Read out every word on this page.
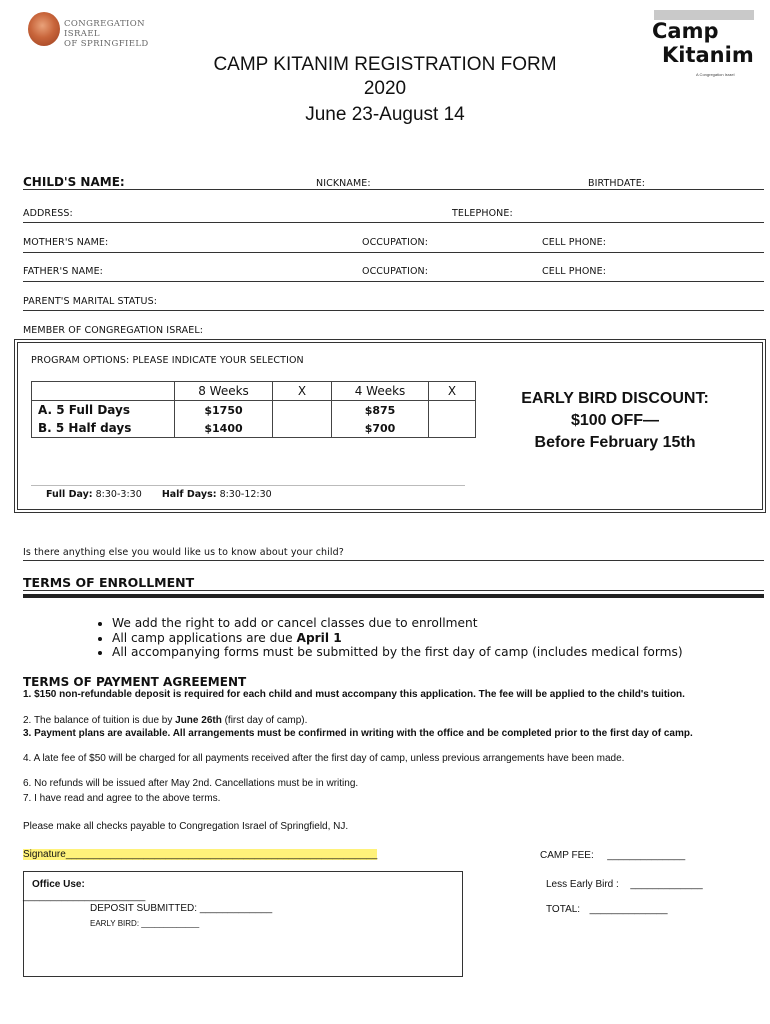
CONGREGATION ISRAEL
OF SPRINGFIELD
Camp
Kitanim
A Congregation Israel
CAMP KITANIM REGISTRATION FORM
2020
June 23-August 14
CHILD'S NAME:	NICKNAME:	BIRTHDATE:
ADDRESS:	TELEPHONE:
MOTHER'S NAME:	OCCUPATION:	CELL PHONE:
FATHER'S NAME:	OCCUPATION:	CELL PHONE:
PARENT'S MARITAL STATUS:
MEMBER OF CONGREGATION ISRAEL:
PROGRAM OPTIONS: PLEASE INDICATE YOUR SELECTION
	8 Weeks	X	4 Weeks	X
A. 5 Full Days	$1750		$875	
B. 5 Half days	$1400		$700	
EARLY BIRD DISCOUNT:
$100 OFF—
Before February 15th
Full Day: 8:30-3:30 Half Days: 8:30-12:30
Is there anything else you would like us to know about your child?
TERMS OF ENROLLMENT
• We add the right to add or cancel classes due to enrollment
• All camp applications are due April 1
• All accompanying forms must be submitted by the first day of camp (includes medical forms)
TERMS OF PAYMENT AGREEMENT
1. $150 non-refundable deposit is required for each child and must accompany this application. The fee will be applied to the child's tuition.
2. The balance of tuition is due by June 26th (first day of camp).
3. Payment plans are available. All arrangements must be confirmed in writing with the office and be completed prior to the first day of camp.
4. A late fee of $50 will be charged for all payments received after the first day of camp, unless previous arrangements have been made.
6. No refunds will be issued after May 2nd. Cancellations must be in writing.
7. I have read and agree to the above terms.
Please make all checks payable to Congregation Israel of Springfield, NJ.
Signature________________________________________________________	CAMP FEE: ______________
Less Early Bird : _____________
TOTAL: ______________
Office Use:
______________________
DEPOSIT SUBMITTED: _____________
EARLY BIRD: _____________
